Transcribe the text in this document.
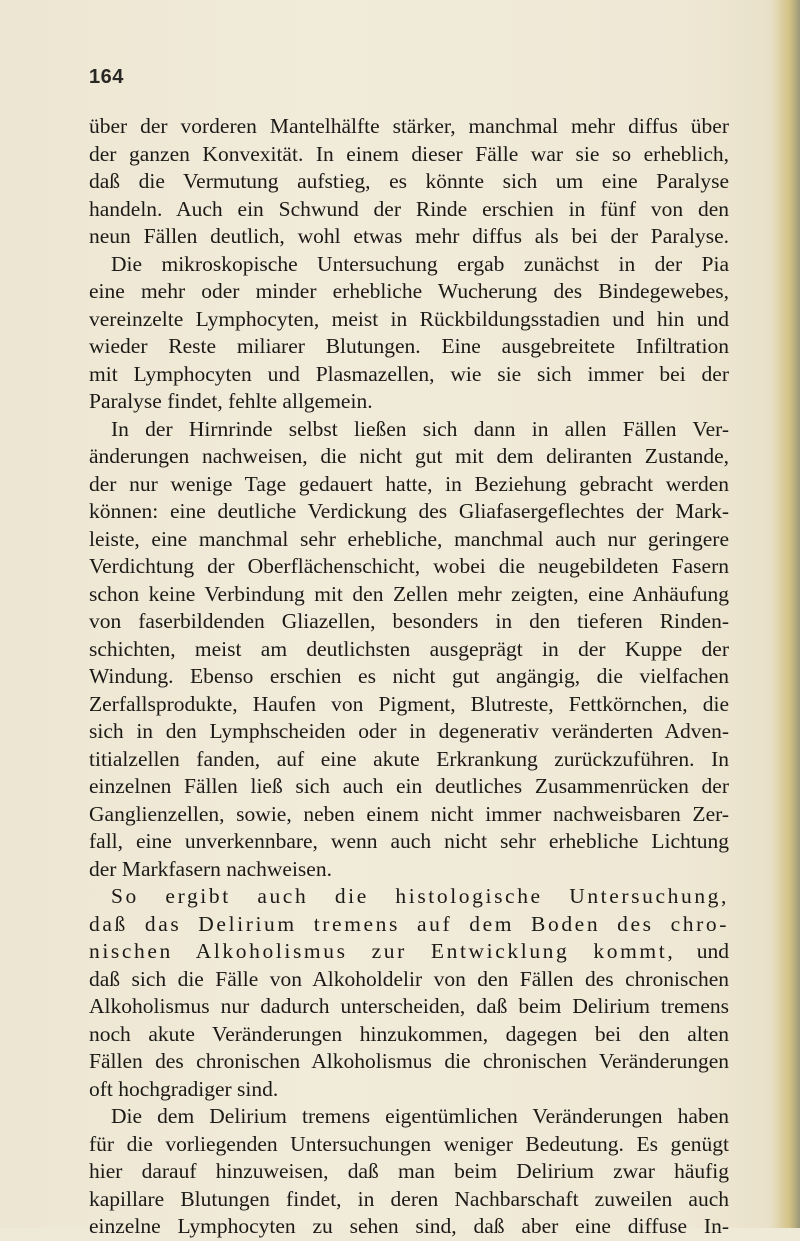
164
über der vorderen Mantelhälfte stärker, manchmal mehr diffus über
der ganzen Konvexität. In einem dieser Fälle war sie so erheblich,
daß die Vermutung aufstieg, es könnte sich um eine Paralyse
handeln. Auch ein Schwund der Rinde erschien in fünf von den
neun Fällen deutlich, wohl etwas mehr diffus als bei der Paralyse.
Die mikroskopische Untersuchung ergab zunächst in der Pia
eine mehr oder minder erhebliche Wucherung des Bindegewebes,
vereinzelte Lymphocyten, meist in Rückbildungsstadien und hin und
wieder Reste miliarer Blutungen. Eine ausgebreitete Infiltration
mit Lymphocyten und Plasmazellen, wie sie sich immer bei der
Paralyse findet, fehlte allgemein.
In der Hirnrinde selbst ließen sich dann in allen Fällen Ver-
änderungen nachweisen, die nicht gut mit dem deliranten Zustande,
der nur wenige Tage gedauert hatte, in Beziehung gebracht werden
können: eine deutliche Verdickung des Gliafasergeflechtes der Mark-
leiste, eine manchmal sehr erhebliche, manchmal auch nur geringere
Verdichtung der Oberflächenschicht, wobei die neugebildeten Fasern
schon keine Verbindung mit den Zellen mehr zeigten, eine Anhäufung
von faserbildenden Gliazellen, besonders in den tieferen Rinden-
schichten, meist am deutlichsten ausgeprägt in der Kuppe der
Windung. Ebenso erschien es nicht gut angängig, die vielfachen
Zerfallsprodukte, Haufen von Pigment, Blutreste, Fettkörnchen, die
sich in den Lymphscheiden oder in degenerativ veränderten Adven-
titialzellen fanden, auf eine akute Erkrankung zurückzuführen. In
einzelnen Fällen ließ sich auch ein deutliches Zusammenrücken der
Ganglienzellen, sowie, neben einem nicht immer nachweisbaren Zer-
fall, eine unverkennbare, wenn auch nicht sehr erhebliche Lichtung
der Markfasern nachweisen.
So ergibt auch die histologische Untersuchung,
daß das Delirium tremens auf dem Boden des chro-
nischen Alkoholismus zur Entwicklung kommt, und
daß sich die Fälle von Alkoholdelir von den Fällen des chronischen
Alkoholismus nur dadurch unterscheiden, daß beim Delirium tremens
noch akute Veränderungen hinzukommen, dagegen bei den alten
Fällen des chronischen Alkoholismus die chronischen Veränderungen
oft hochgradiger sind.
Die dem Delirium tremens eigentümlichen Veränderungen haben
für die vorliegenden Untersuchungen weniger Bedeutung. Es genügt
hier darauf hinzuweisen, daß man beim Delirium zwar häufig
kapillare Blutungen findet, in deren Nachbarschaft zuweilen auch
einzelne Lymphocyten zu sehen sind, daß aber eine diffuse In-
